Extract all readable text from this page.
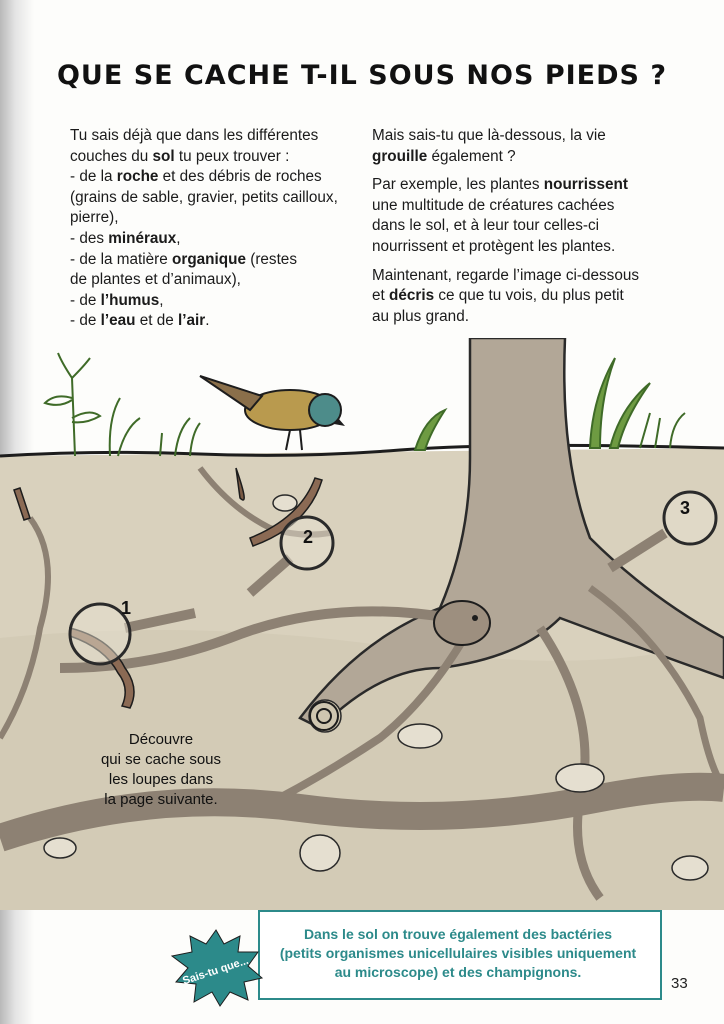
QUE SE CACHE T-IL SOUS NOS PIEDS ?
Tu sais déjà que dans les différentes
couches du sol tu peux trouver :
- de la roche et des débris de roches
(grains de sable, gravier, petits cailloux,
pierre),
- des minéraux,
- de la matière organique (restes
de plantes et d’animaux),
- de l’humus,
- de l’eau et de l’air.

Mais sais-tu que là-dessous, la vie
grouille également ?

Par exemple, les plantes nourrissent
une multitude de créatures cachées
dans le sol, et à leur tour celles-ci
nourrissent et protègent les plantes.

Maintenant, regarde l’image ci-dessous
et décris ce que tu vois, du plus petit
au plus grand.

1
2
3
Découvre
qui se cache sous
les loupes dans
la page suivante.
Dans le sol on trouve également des bactéries
(petits organismes unicellulaires visibles uniquement
au microscope) et des champignons.
Sais-tu que...	33
